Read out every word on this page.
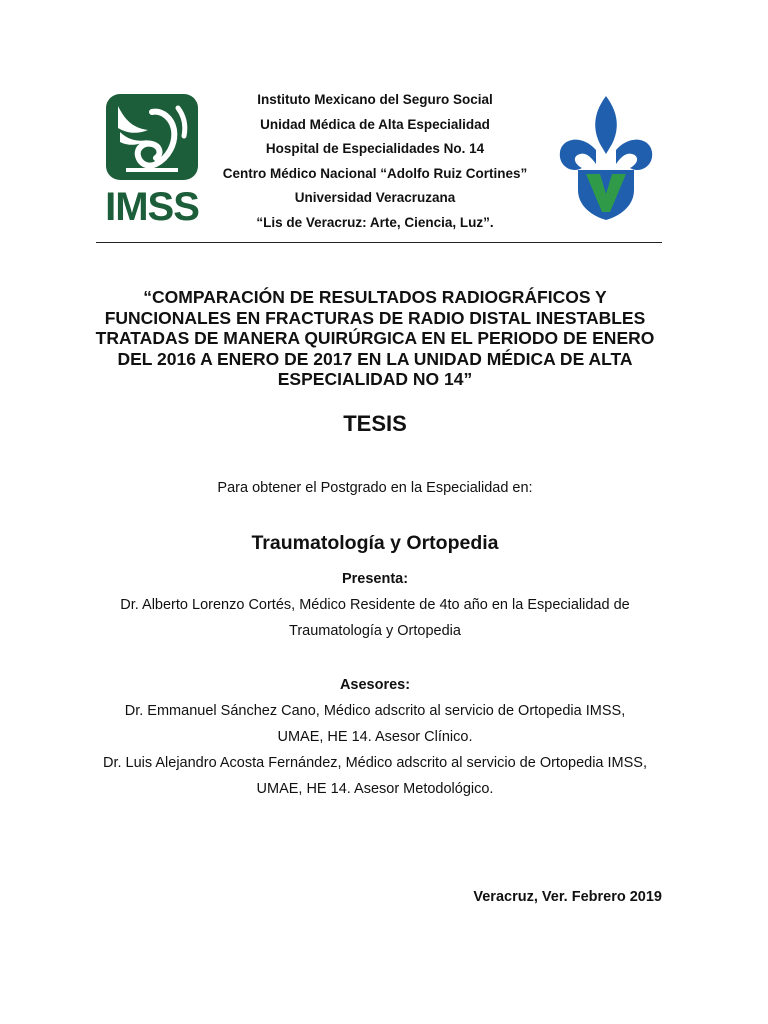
IMSS
Instituto Mexicano del Seguro Social
Unidad Médica de Alta Especialidad
Hospital de Especialidades No. 14
Centro Médico Nacional “Adolfo Ruiz Cortines”
Universidad Veracruzana
“Lis de Veracruz: Arte, Ciencia, Luz”.
“COMPARACIÓN DE RESULTADOS RADIOGRÁFICOS Y
FUNCIONALES EN FRACTURAS DE RADIO DISTAL INESTABLES
TRATADAS DE MANERA QUIRÚRGICA EN EL PERIODO DE ENERO
DEL 2016 A ENERO DE 2017 EN LA UNIDAD MÉDICA DE ALTA
ESPECIALIDAD NO 14”
TESIS
Para obtener el Postgrado en la Especialidad en:
Traumatología y Ortopedia
Presenta:
Dr. Alberto Lorenzo Cortés, Médico Residente de 4to año en la Especialidad de
Traumatología y Ortopedia
Asesores:
Dr. Emmanuel Sánchez Cano, Médico adscrito al servicio de Ortopedia IMSS,
UMAE, HE 14. Asesor Clínico.
Dr. Luis Alejandro Acosta Fernández, Médico adscrito al servicio de Ortopedia IMSS,
UMAE, HE 14. Asesor Metodológico.
Veracruz, Ver. Febrero 2019
